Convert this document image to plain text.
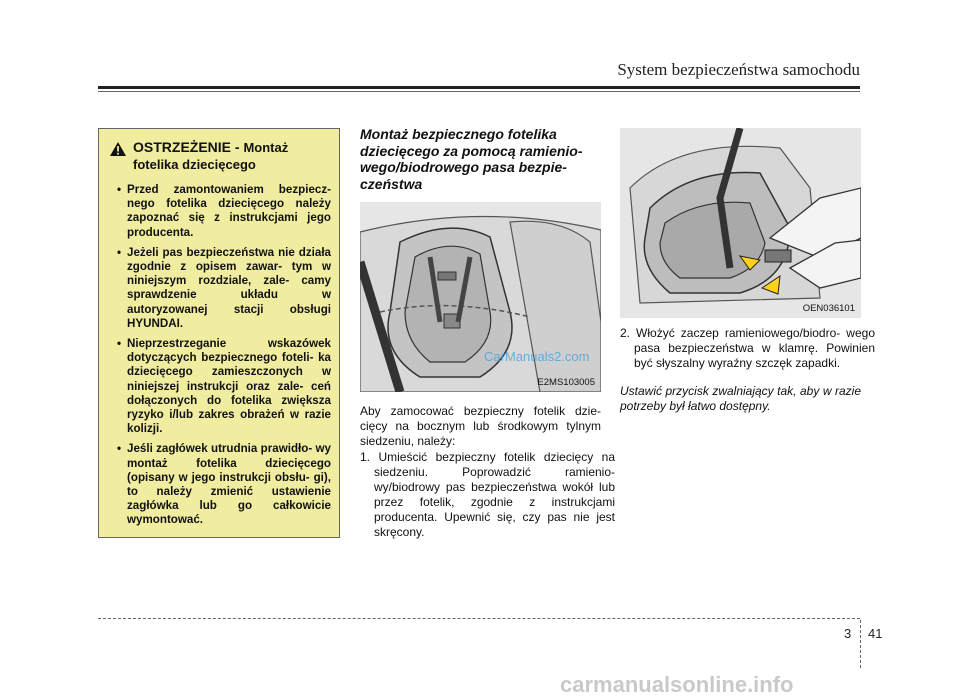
System bezpieczeństwa samochodu
OSTRZEŻENIE - Montaż fotelika dziecięcego
• Przed zamontowaniem bezpiecz- nego fotelika dziecięcego należy zapoznać się z instrukcjami jego producenta.
• Jeżeli pas bezpieczeństwa nie działa zgodnie z opisem zawar- tym w niniejszym rozdziale, zale- camy sprawdzenie układu w autoryzowanej stacji obsługi HYUNDAI.
• Nieprzestrzeganie wskazówek dotyczących bezpiecznego foteli- ka dziecięcego zamieszczonych w niniejszej instrukcji oraz zale- ceń dołączonych do fotelika zwiększa ryzyko i/lub zakres obrażeń w razie kolizji.
• Jeśli zagłówek utrudnia prawidło- wy montaż fotelika dziecięcego (opisany w jego instrukcji obsłu- gi), to należy zmienić ustawienie zagłówka lub go całkowicie wymontować.
Montaż bezpiecznego fotelika dziecięcego za pomocą ramienio- wego/biodrowego pasa bezpie- czeństwa
CarManuals2.com
E2MS103005
Aby zamocować bezpieczny fotelik dzie- cięcy na bocznym lub środkowym tylnym siedzeniu, należy:
1. Umieścić bezpieczny fotelik dziecięcy na siedzeniu. Poprowadzić ramienio- wy/biodrowy pas bezpieczeństwa wokół lub przez fotelik, zgodnie z instrukcjami producenta. Upewnić się, czy pas nie jest skręcony.
OEN036101
2. Włożyć zaczep ramieniowego/biodro- wego pasa bezpieczeństwa w klamrę. Powinien być słyszalny wyraźny szczęk zapadki.
Ustawić przycisk zwalniający tak, aby w razie potrzeby był łatwo dostępny.
3 41
carmanualsonline.info
